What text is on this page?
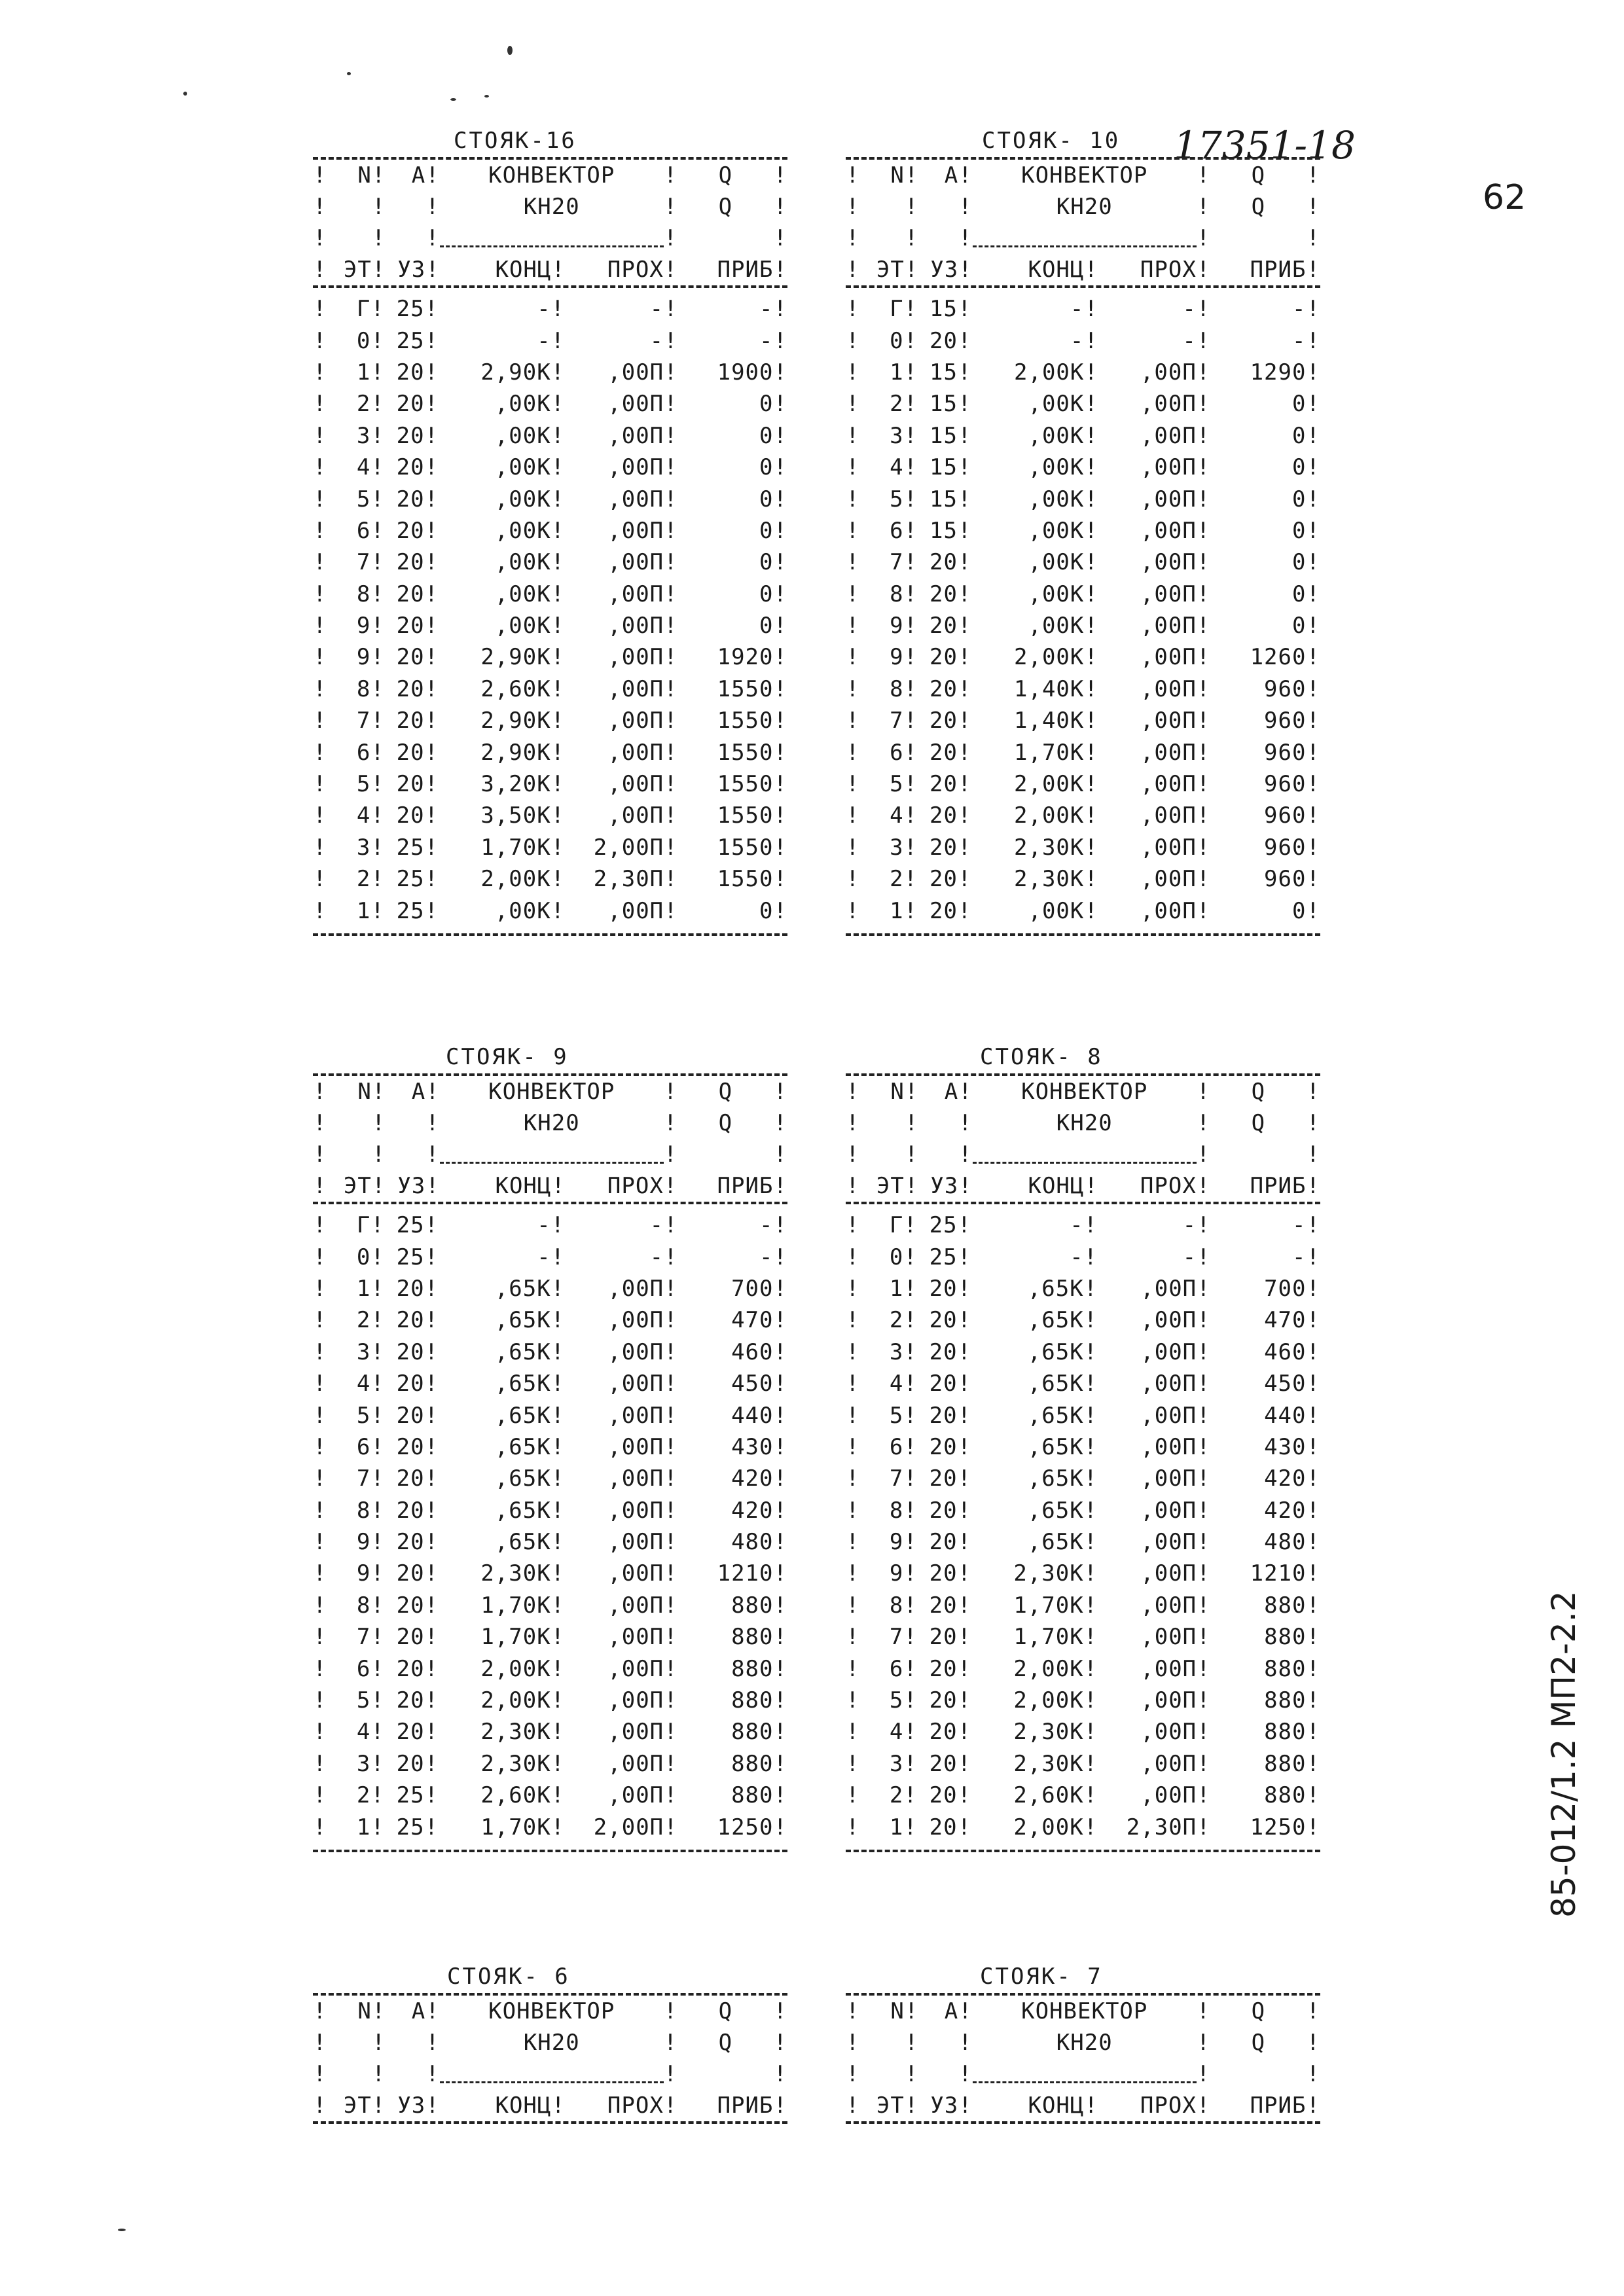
62
85-012/1.2 МП2-2.2
17351-18
СТОЯК-16
!	N	!	А	!	КОНВЕКТОР			!	Q	!
!		!		!	КН20			!	Q	!
!		!		!				!		!
!	ЭТ	!	УЗ	!	КОНЦ	!	ПРОХ	!	ПРИБ	!
!	Г	!	25	!	-	!	-	!	-	!
!	0	!	25	!	-	!	-	!	-	!
!	1	!	20	!	2,90К	!	,00П	!	1900	!
!	2	!	20	!	,00К	!	,00П	!	0	!
!	3	!	20	!	,00К	!	,00П	!	0	!
!	4	!	20	!	,00К	!	,00П	!	0	!
!	5	!	20	!	,00К	!	,00П	!	0	!
!	6	!	20	!	,00К	!	,00П	!	0	!
!	7	!	20	!	,00К	!	,00П	!	0	!
!	8	!	20	!	,00К	!	,00П	!	0	!
!	9	!	20	!	,00К	!	,00П	!	0	!
!	9	!	20	!	2,90К	!	,00П	!	1920	!
!	8	!	20	!	2,60К	!	,00П	!	1550	!
!	7	!	20	!	2,90К	!	,00П	!	1550	!
!	6	!	20	!	2,90К	!	,00П	!	1550	!
!	5	!	20	!	3,20К	!	,00П	!	1550	!
!	4	!	20	!	3,50К	!	,00П	!	1550	!
!	3	!	25	!	1,70К	!	2,00П	!	1550	!
!	2	!	25	!	2,00К	!	2,30П	!	1550	!
!	1	!	25	!	,00К	!	,00П	!	0	!
СТОЯК- 10
!	N	!	А	!	КОНВЕКТОР			!	Q	!
!		!		!	КН20			!	Q	!
!		!		!				!		!
!	ЭТ	!	УЗ	!	КОНЦ	!	ПРОХ	!	ПРИБ	!
!	Г	!	15	!	-	!	-	!	-	!
!	0	!	20	!	-	!	-	!	-	!
!	1	!	15	!	2,00К	!	,00П	!	1290	!
!	2	!	15	!	,00К	!	,00П	!	0	!
!	3	!	15	!	,00К	!	,00П	!	0	!
!	4	!	15	!	,00К	!	,00П	!	0	!
!	5	!	15	!	,00К	!	,00П	!	0	!
!	6	!	15	!	,00К	!	,00П	!	0	!
!	7	!	20	!	,00К	!	,00П	!	0	!
!	8	!	20	!	,00К	!	,00П	!	0	!
!	9	!	20	!	,00К	!	,00П	!	0	!
!	9	!	20	!	2,00К	!	,00П	!	1260	!
!	8	!	20	!	1,40К	!	,00П	!	960	!
!	7	!	20	!	1,40К	!	,00П	!	960	!
!	6	!	20	!	1,70К	!	,00П	!	960	!
!	5	!	20	!	2,00К	!	,00П	!	960	!
!	4	!	20	!	2,00К	!	,00П	!	960	!
!	3	!	20	!	2,30К	!	,00П	!	960	!
!	2	!	20	!	2,30К	!	,00П	!	960	!
!	1	!	20	!	,00К	!	,00П	!	0	!
СТОЯК- 9
!	N	!	А	!	КОНВЕКТОР			!	Q	!
!		!		!	КН20			!	Q	!
!		!		!				!		!
!	ЭТ	!	УЗ	!	КОНЦ	!	ПРОХ	!	ПРИБ	!
!	Г	!	25	!	-	!	-	!	-	!
!	0	!	25	!	-	!	-	!	-	!
!	1	!	20	!	,65К	!	,00П	!	700	!
!	2	!	20	!	,65К	!	,00П	!	470	!
!	3	!	20	!	,65К	!	,00П	!	460	!
!	4	!	20	!	,65К	!	,00П	!	450	!
!	5	!	20	!	,65К	!	,00П	!	440	!
!	6	!	20	!	,65К	!	,00П	!	430	!
!	7	!	20	!	,65К	!	,00П	!	420	!
!	8	!	20	!	,65К	!	,00П	!	420	!
!	9	!	20	!	,65К	!	,00П	!	480	!
!	9	!	20	!	2,30К	!	,00П	!	1210	!
!	8	!	20	!	1,70К	!	,00П	!	880	!
!	7	!	20	!	1,70К	!	,00П	!	880	!
!	6	!	20	!	2,00К	!	,00П	!	880	!
!	5	!	20	!	2,00К	!	,00П	!	880	!
!	4	!	20	!	2,30К	!	,00П	!	880	!
!	3	!	20	!	2,30К	!	,00П	!	880	!
!	2	!	25	!	2,60К	!	,00П	!	880	!
!	1	!	25	!	1,70К	!	2,00П	!	1250	!
СТОЯК- 8
!	N	!	А	!	КОНВЕКТОР			!	Q	!
!		!		!	КН20			!	Q	!
!		!		!				!		!
!	ЭТ	!	УЗ	!	КОНЦ	!	ПРОХ	!	ПРИБ	!
!	Г	!	25	!	-	!	-	!	-	!
!	0	!	25	!	-	!	-	!	-	!
!	1	!	20	!	,65К	!	,00П	!	700	!
!	2	!	20	!	,65К	!	,00П	!	470	!
!	3	!	20	!	,65К	!	,00П	!	460	!
!	4	!	20	!	,65К	!	,00П	!	450	!
!	5	!	20	!	,65К	!	,00П	!	440	!
!	6	!	20	!	,65К	!	,00П	!	430	!
!	7	!	20	!	,65К	!	,00П	!	420	!
!	8	!	20	!	,65К	!	,00П	!	420	!
!	9	!	20	!	,65К	!	,00П	!	480	!
!	9	!	20	!	2,30К	!	,00П	!	1210	!
!	8	!	20	!	1,70К	!	,00П	!	880	!
!	7	!	20	!	1,70К	!	,00П	!	880	!
!	6	!	20	!	2,00К	!	,00П	!	880	!
!	5	!	20	!	2,00К	!	,00П	!	880	!
!	4	!	20	!	2,30К	!	,00П	!	880	!
!	3	!	20	!	2,30К	!	,00П	!	880	!
!	2	!	20	!	2,60К	!	,00П	!	880	!
!	1	!	20	!	2,00К	!	2,30П	!	1250	!
СТОЯК- 6
!	N	!	А	!	КОНВЕКТОР			!	Q	!
!		!		!	КН20			!	Q	!
!		!		!				!		!
!	ЭТ	!	УЗ	!	КОНЦ	!	ПРОХ	!	ПРИБ	!
СТОЯК- 7
!	N	!	А	!	КОНВЕКТОР			!	Q	!
!		!		!	КН20			!	Q	!
!		!		!				!		!
!	ЭТ	!	УЗ	!	КОНЦ	!	ПРОХ	!	ПРИБ	!
